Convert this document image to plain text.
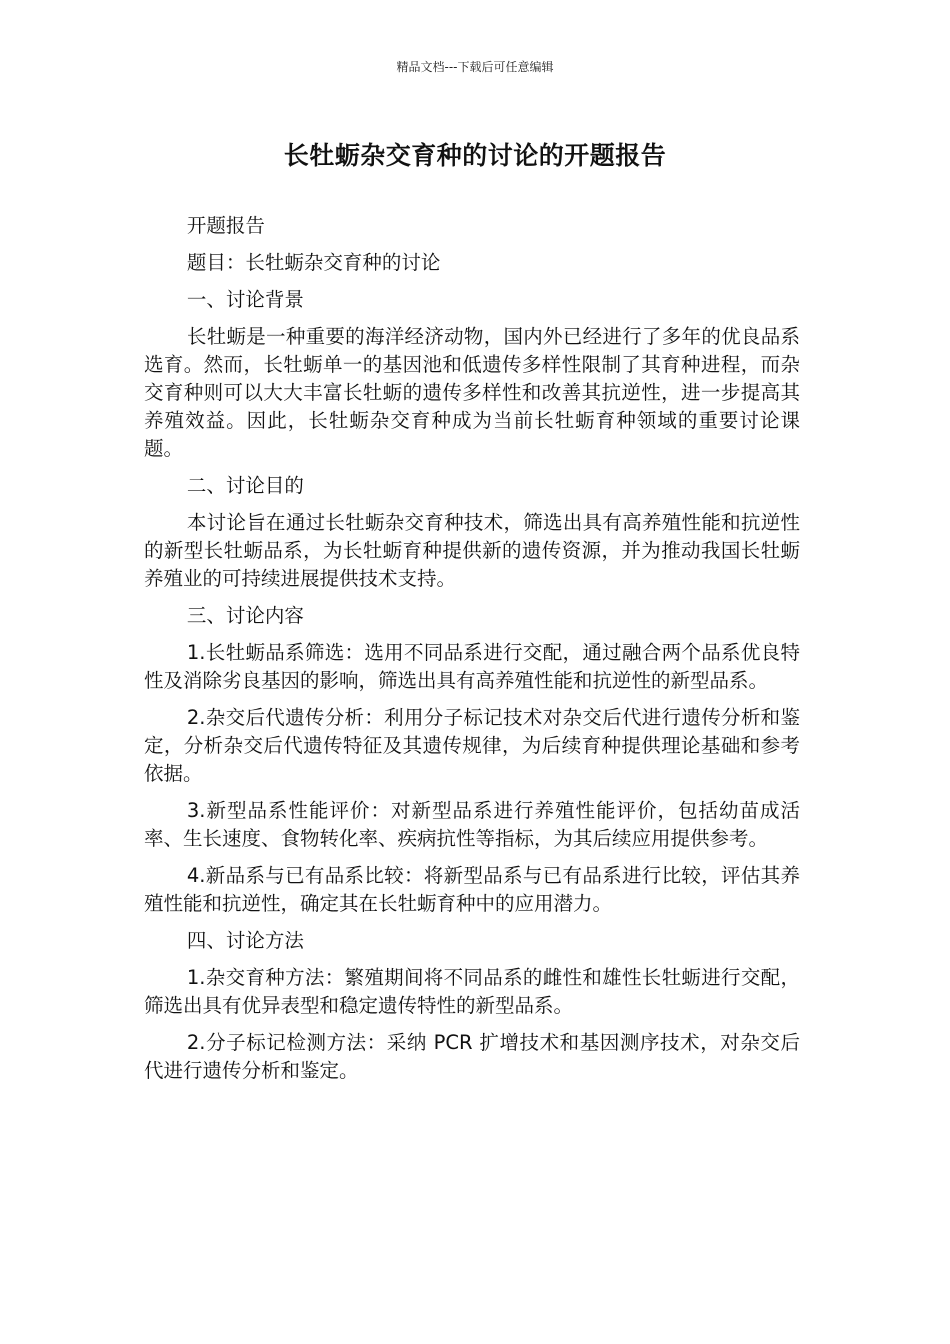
精品文档---下载后可任意编辑
长牡蛎杂交育种的讨论的开题报告

开题报告

题目：长牡蛎杂交育种的讨论

一、讨论背景

长牡蛎是一种重要的海洋经济动物，国内外已经进行了多年的优良品系选育。然而，长牡蛎单一的基因池和低遗传多样性限制了其育种进程，而杂交育种则可以大大丰富长牡蛎的遗传多样性和改善其抗逆性，进一步提高其养殖效益。因此，长牡蛎杂交育种成为当前长牡蛎育种领域的重要讨论课题。

二、讨论目的

本讨论旨在通过长牡蛎杂交育种技术，筛选出具有高养殖性能和抗逆性的新型长牡蛎品系，为长牡蛎育种提供新的遗传资源，并为推动我国长牡蛎养殖业的可持续进展提供技术支持。

三、讨论内容

1.长牡蛎品系筛选：选用不同品系进行交配，通过融合两个品系优良特性及消除劣良基因的影响，筛选出具有高养殖性能和抗逆性的新型品系。

2.杂交后代遗传分析：利用分子标记技术对杂交后代进行遗传分析和鉴定，分析杂交后代遗传特征及其遗传规律，为后续育种提供理论基础和参考依据。

3.新型品系性能评价：对新型品系进行养殖性能评价，包括幼苗成活率、生长速度、食物转化率、疾病抗性等指标，为其后续应用提供参考。

4.新品系与已有品系比较：将新型品系与已有品系进行比较，评估其养殖性能和抗逆性，确定其在长牡蛎育种中的应用潜力。

四、讨论方法

1.杂交育种方法：繁殖期间将不同品系的雌性和雄性长牡蛎进行交配，筛选出具有优异表型和稳定遗传特性的新型品系。

2.分子标记检测方法：采纳 PCR 扩增技术和基因测序技术，对杂交后代进行遗传分析和鉴定。
